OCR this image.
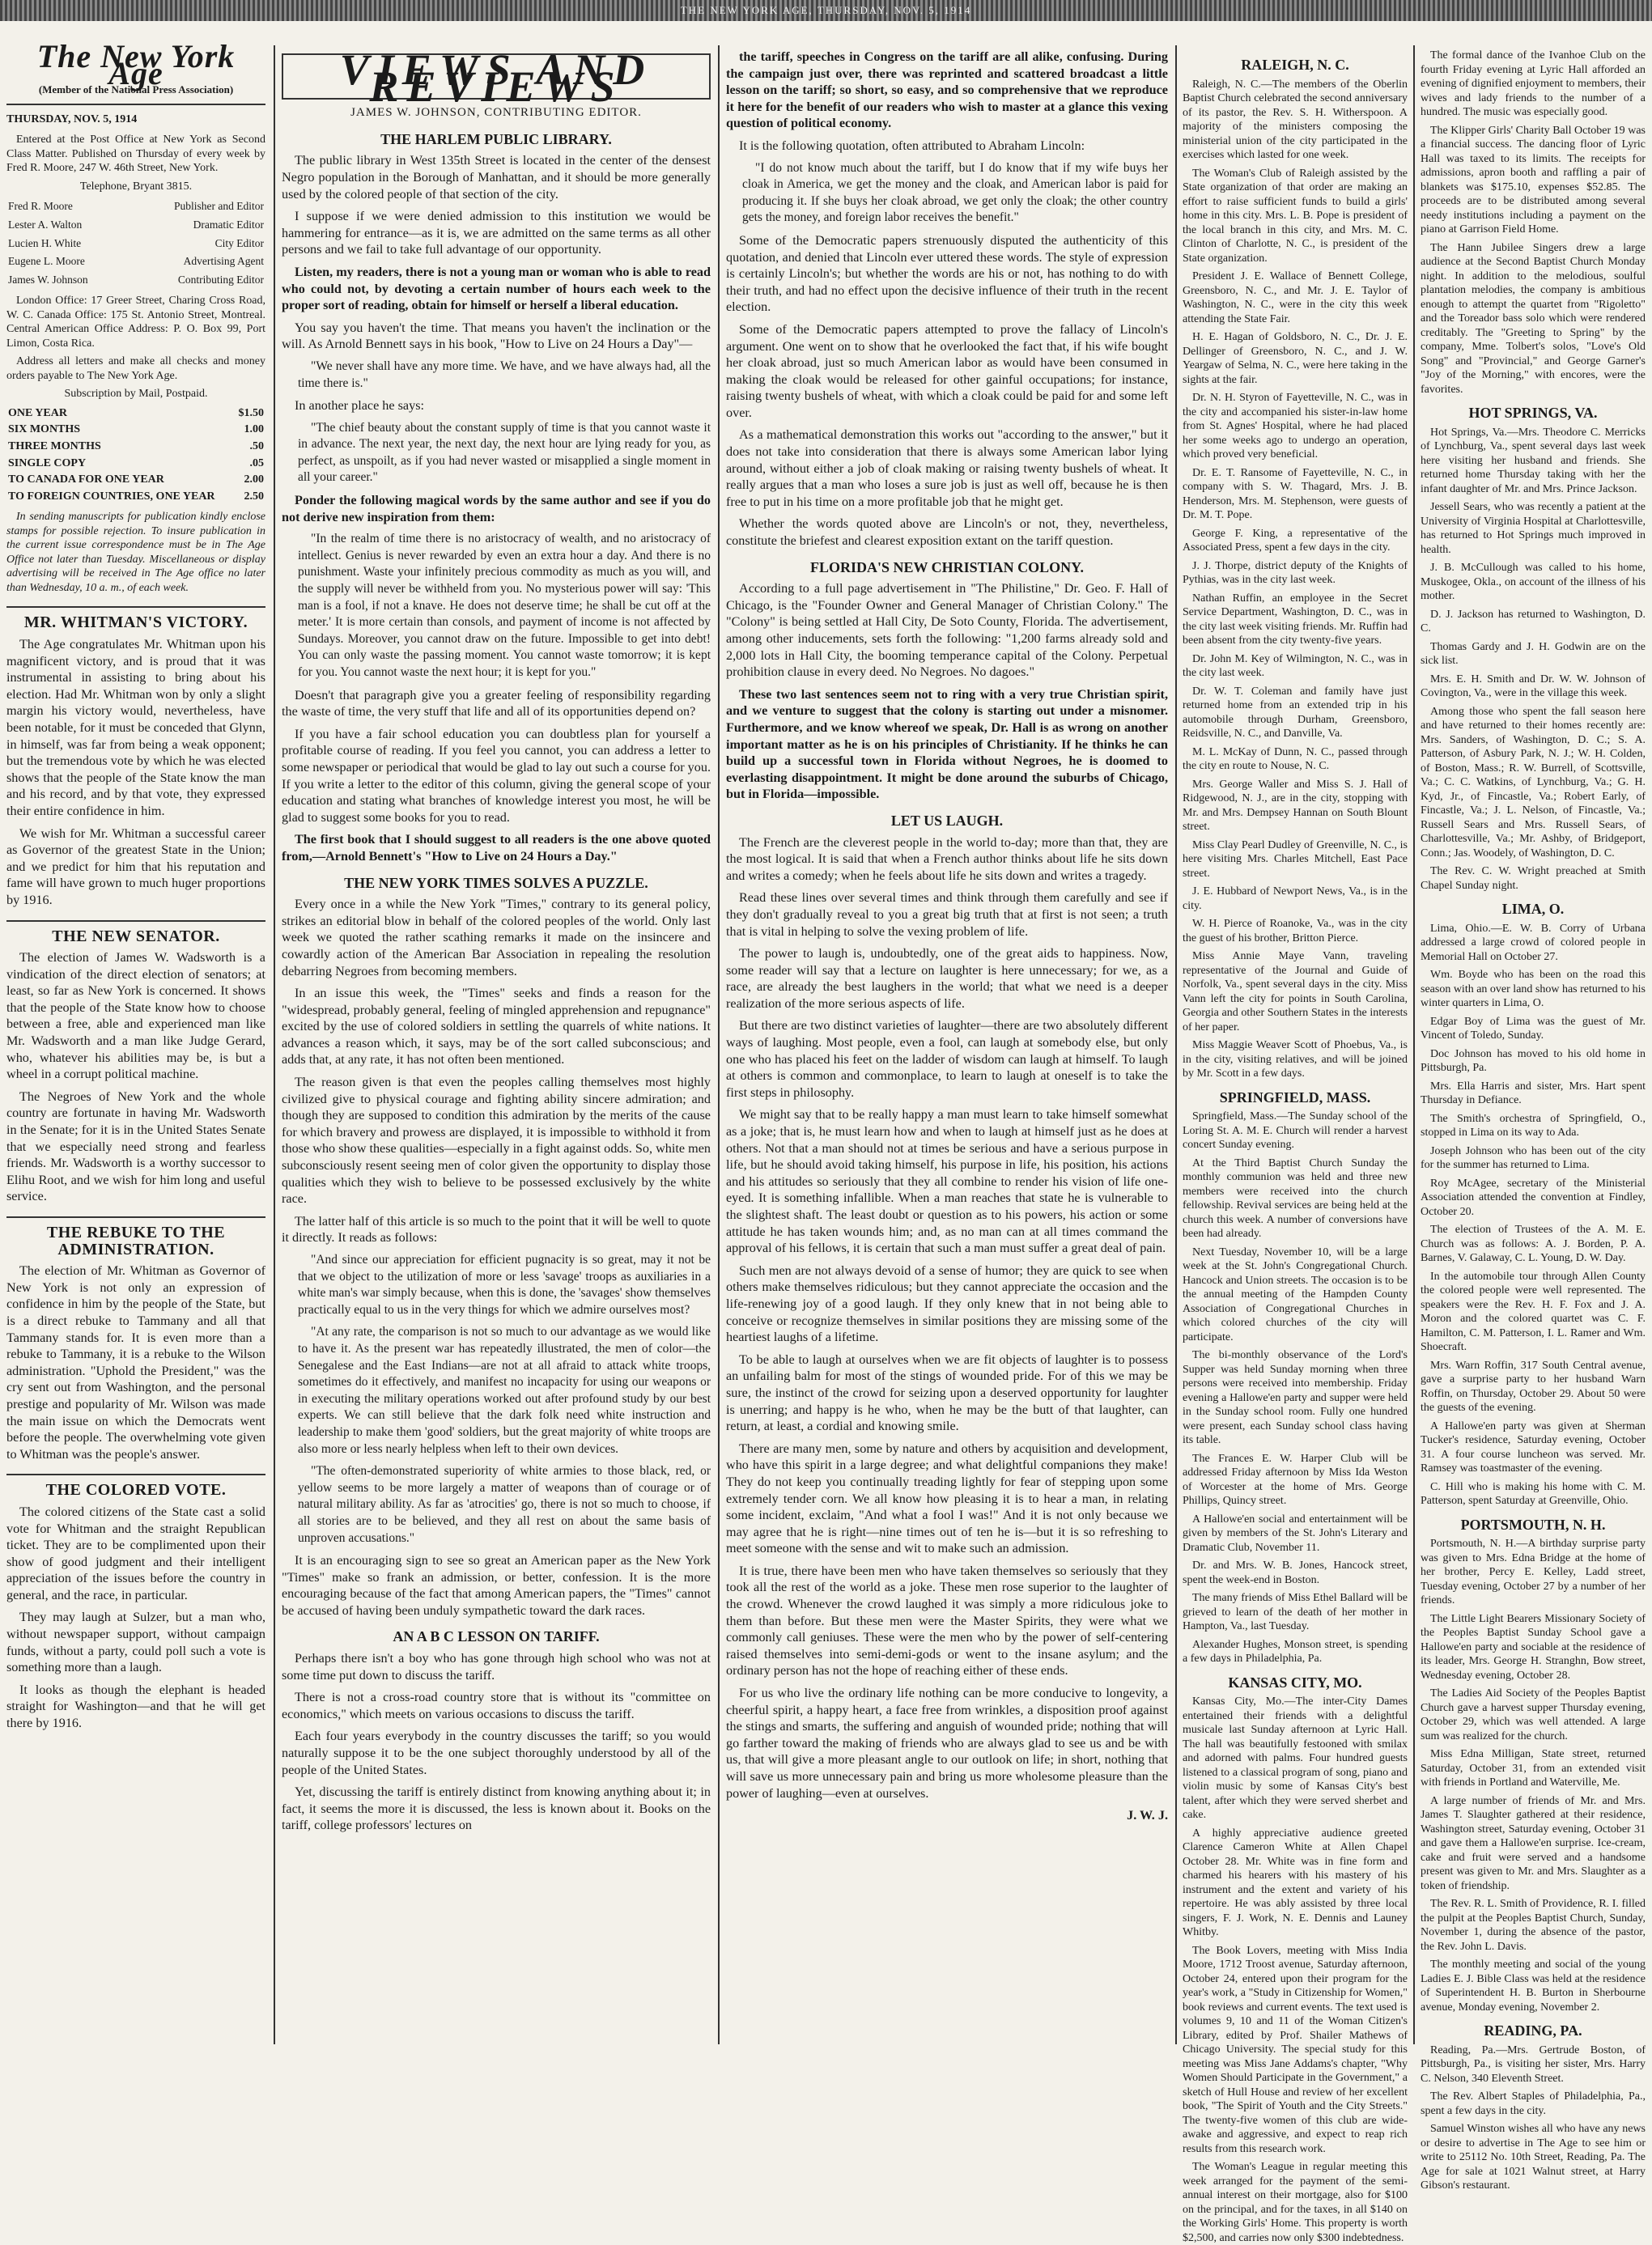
THE NEW YORK AGE, THURSDAY, NOV. 5, 1914
The New York Age
(Member of the National Press Association)
THURSDAY, NOV. 5, 1914

Entered at the Post Office at New York as Second Class Matter. Published on Thursday of every week by Fred R. Moore, 247 W. 46th Street, New York.

Telephone, Bryant 3815.

Fred R. Moore	Publisher and Editor
Lester A. Walton	Dramatic Editor
Lucien H. White	City Editor
Eugene L. Moore	Advertising Agent
James W. Johnson	Contributing Editor

London Office: 17 Greer Street, Charing Cross Road, W. C. Canada Office: 175 St. Antonio Street, Montreal. Central American Office Address: P. O. Box 99, Port Limon, Costa Rica.

Address all letters and make all checks and money orders payable to The New York Age.

Subscription by Mail, Postpaid.

ONE YEAR	$1.50
SIX MONTHS	1.00
THREE MONTHS	.50
SINGLE COPY	.05
TO CANADA FOR ONE YEAR	2.00
TO FOREIGN COUNTRIES, ONE YEAR	2.50

In sending manuscripts for publication kindly enclose stamps for possible rejection. To insure publication in the current issue correspondence must be in The Age Office not later than Tuesday. Miscellaneous or display advertising will be received in The Age office no later than Wednesday, 10 a. m., of each week.

MR. WHITMAN'S VICTORY.

The Age congratulates Mr. Whitman upon his magnificent victory, and is proud that it was instrumental in assisting to bring about his election. Had Mr. Whitman won by only a slight margin his victory would, nevertheless, have been notable, for it must be conceded that Glynn, in himself, was far from being a weak opponent; but the tremendous vote by which he was elected shows that the people of the State know the man and his record, and by that vote, they expressed their entire confidence in him.

We wish for Mr. Whitman a successful career as Governor of the greatest State in the Union; and we predict for him that his reputation and fame will have grown to much huger proportions by 1916.

THE NEW SENATOR.

The election of James W. Wadsworth is a vindication of the direct election of senators; at least, so far as New York is concerned. It shows that the people of the State know how to choose between a free, able and experienced man like Mr. Wadsworth and a man like Judge Gerard, who, whatever his abilities may be, is but a wheel in a corrupt political machine.

The Negroes of New York and the whole country are fortunate in having Mr. Wadsworth in the Senate; for it is in the United States Senate that we especially need strong and fearless friends. Mr. Wadsworth is a worthy successor to Elihu Root, and we wish for him long and useful service.

THE REBUKE TO THE ADMINISTRATION.

The election of Mr. Whitman as Governor of New York is not only an expression of confidence in him by the people of the State, but is a direct rebuke to Tammany and all that Tammany stands for. It is even more than a rebuke to Tammany, it is a rebuke to the Wilson administration. "Uphold the President," was the cry sent out from Washington, and the personal prestige and popularity of Mr. Wilson was made the main issue on which the Democrats went before the people. The overwhelming vote given to Whitman was the people's answer.

THE COLORED VOTE.

The colored citizens of the State cast a solid vote for Whitman and the straight Republican ticket. They are to be complimented upon their show of good judgment and their intelligent appreciation of the issues before the country in general, and the race, in particular.

They may laugh at Sulzer, but a man who, without newspaper support, without campaign funds, without a party, could poll such a vote is something more than a laugh.

It looks as though the elephant is headed straight for Washington—and that he will get there by 1916.

VIEWS AND REVIEWS
JAMES W. JOHNSON, CONTRIBUTING EDITOR.
THE HARLEM PUBLIC LIBRARY.

The public library in West 135th Street is located in the center of the densest Negro population in the Borough of Manhattan, and it should be more generally used by the colored people of that section of the city.

I suppose if we were denied admission to this institution we would be hammering for entrance—as it is, we are admitted on the same terms as all other persons and we fail to take full advantage of our opportunity.

Listen, my readers, there is not a young man or woman who is able to read who could not, by devoting a certain number of hours each week to the proper sort of reading, obtain for himself or herself a liberal education.

You say you haven't the time. That means you haven't the inclination or the will. As Arnold Bennett says in his book, "How to Live on 24 Hours a Day"—

"We never shall have any more time. We have, and we have always had, all the time there is."

In another place he says:

"The chief beauty about the constant supply of time is that you cannot waste it in advance. The next year, the next day, the next hour are lying ready for you, as perfect, as unspoilt, as if you had never wasted or misapplied a single moment in all your career."

Ponder the following magical words by the same author and see if you do not derive new inspiration from them:

"In the realm of time there is no aristocracy of wealth, and no aristocracy of intellect. Genius is never rewarded by even an extra hour a day. And there is no punishment. Waste your infinitely precious commodity as much as you will, and the supply will never be withheld from you. No mysterious power will say: 'This man is a fool, if not a knave. He does not deserve time; he shall be cut off at the meter.' It is more certain than consols, and payment of income is not affected by Sundays. Moreover, you cannot draw on the future. Impossible to get into debt! You can only waste the passing moment. You cannot waste tomorrow; it is kept for you. You cannot waste the next hour; it is kept for you."

Doesn't that paragraph give you a greater feeling of responsibility regarding the waste of time, the very stuff that life and all of its opportunities depend on?

If you have a fair school education you can doubtless plan for yourself a profitable course of reading. If you feel you cannot, you can address a letter to some newspaper or periodical that would be glad to lay out such a course for you. If you write a letter to the editor of this column, giving the general scope of your education and stating what branches of knowledge interest you most, he will be glad to suggest some books for you to read.

The first book that I should suggest to all readers is the one above quoted from,—Arnold Bennett's "How to Live on 24 Hours a Day."

THE NEW YORK TIMES SOLVES A PUZZLE.

Every once in a while the New York "Times," contrary to its general policy, strikes an editorial blow in behalf of the colored peoples of the world. Only last week we quoted the rather scathing remarks it made on the insincere and cowardly action of the American Bar Association in repealing the resolution debarring Negroes from becoming members.

In an issue this week, the "Times" seeks and finds a reason for the "widespread, probably general, feeling of mingled apprehension and repugnance" excited by the use of colored soldiers in settling the quarrels of white nations. It advances a reason which, it says, may be of the sort called subconscious; and adds that, at any rate, it has not often been mentioned.

The reason given is that even the peoples calling themselves most highly civilized give to physical courage and fighting ability sincere admiration; and though they are supposed to condition this admiration by the merits of the cause for which bravery and prowess are displayed, it is impossible to withhold it from those who show these qualities—especially in a fight against odds. So, white men subconsciously resent seeing men of color given the opportunity to display those qualities which they wish to believe to be possessed exclusively by the white race.

The latter half of this article is so much to the point that it will be well to quote it directly. It reads as follows:

"And since our appreciation for efficient pugnacity is so great, may it not be that we object to the utilization of more or less 'savage' troops as auxiliaries in a white man's war simply because, when this is done, the 'savages' show themselves practically equal to us in the very things for which we admire ourselves most?

"At any rate, the comparison is not so much to our advantage as we would like to have it. As the present war has repeatedly illustrated, the men of color—the Senegalese and the East Indians—are not at all afraid to attack white troops, sometimes do it effectively, and manifest no incapacity for using our weapons or in executing the military operations worked out after profound study by our best experts. We can still believe that the dark folk need white instruction and leadership to make them 'good' soldiers, but the great majority of white troops are also more or less nearly helpless when left to their own devices.

"The often-demonstrated superiority of white armies to those black, red, or yellow seems to be more largely a matter of weapons than of courage or of natural military ability. As far as 'atrocities' go, there is not so much to choose, if all stories are to be believed, and they all rest on about the same basis of unproven accusations."

It is an encouraging sign to see so great an American paper as the New York "Times" make so frank an admission, or better, confession. It is the more encouraging because of the fact that among American papers, the "Times" cannot be accused of having been unduly sympathetic toward the dark races.

AN A B C LESSON ON TARIFF.

Perhaps there isn't a boy who has gone through high school who was not at some time put down to discuss the tariff.

There is not a cross-road country store that is without its "committee on economics," which meets on various occasions to discuss the tariff.

Each four years everybody in the country discusses the tariff; so you would naturally suppose it to be the one subject thoroughly understood by all of the people of the United States.

Yet, discussing the tariff is entirely distinct from knowing anything about it; in fact, it seems the more it is discussed, the less is known about it. Books on the tariff, college professors' lectures on

the tariff, speeches in Congress on the tariff are all alike, confusing. During the campaign just over, there was reprinted and scattered broadcast a little lesson on the tariff; so short, so easy, and so comprehensive that we reproduce it here for the benefit of our readers who wish to master at a glance this vexing question of political economy.

It is the following quotation, often attributed to Abraham Lincoln:

"I do not know much about the tariff, but I do know that if my wife buys her cloak in America, we get the money and the cloak, and American labor is paid for producing it. If she buys her cloak abroad, we get only the cloak; the other country gets the money, and foreign labor receives the benefit."

Some of the Democratic papers strenuously disputed the authenticity of this quotation, and denied that Lincoln ever uttered these words. The style of expression is certainly Lincoln's; but whether the words are his or not, has nothing to do with their truth, and had no effect upon the decisive influence of their truth in the recent election.

Some of the Democratic papers attempted to prove the fallacy of Lincoln's argument. One went on to show that he overlooked the fact that, if his wife bought her cloak abroad, just so much American labor as would have been consumed in making the cloak would be released for other gainful occupations; for instance, raising twenty bushels of wheat, with which a cloak could be paid for and some left over.

As a mathematical demonstration this works out "according to the answer," but it does not take into consideration that there is always some American labor lying around, without either a job of cloak making or raising twenty bushels of wheat. It really argues that a man who loses a sure job is just as well off, because he is then free to put in his time on a more profitable job that he might get.

Whether the words quoted above are Lincoln's or not, they, nevertheless, constitute the briefest and clearest exposition extant on the tariff question.

FLORIDA'S NEW CHRISTIAN COLONY.

According to a full page advertisement in "The Philistine," Dr. Geo. F. Hall of Chicago, is the "Founder Owner and General Manager of Christian Colony." The "Colony" is being settled at Hall City, De Soto County, Florida. The advertisement, among other inducements, sets forth the following: "1,200 farms already sold and 2,000 lots in Hall City, the booming temperance capital of the Colony. Perpetual prohibition clause in every deed. No Negroes. No dagoes."

These two last sentences seem not to ring with a very true Christian spirit, and we venture to suggest that the colony is starting out under a misnomer. Furthermore, and we know whereof we speak, Dr. Hall is as wrong on another important matter as he is on his principles of Christianity. If he thinks he can build up a successful town in Florida without Negroes, he is doomed to everlasting disappointment. It might be done around the suburbs of Chicago, but in Florida—impossible.

LET US LAUGH.

The French are the cleverest people in the world to-day; more than that, they are the most logical. It is said that when a French author thinks about life he sits down and writes a comedy; when he feels about life he sits down and writes a tragedy.

Read these lines over several times and think through them carefully and see if they don't gradually reveal to you a great big truth that at first is not seen; a truth that is vital in helping to solve the vexing problem of life.

The power to laugh is, undoubtedly, one of the great aids to happiness. Now, some reader will say that a lecture on laughter is here unnecessary; for we, as a race, are already the best laughers in the world; that what we need is a deeper realization of the more serious aspects of life.

But there are two distinct varieties of laughter—there are two absolutely different ways of laughing. Most people, even a fool, can laugh at somebody else, but only one who has placed his feet on the ladder of wisdom can laugh at himself. To laugh at others is common and commonplace, to learn to laugh at oneself is to take the first steps in philosophy.

We might say that to be really happy a man must learn to take himself somewhat as a joke; that is, he must learn how and when to laugh at himself just as he does at others. Not that a man should not at times be serious and have a serious purpose in life, but he should avoid taking himself, his purpose in life, his position, his actions and his attitudes so seriously that they all combine to render his vision of life one-eyed. It is something infallible. When a man reaches that state he is vulnerable to the slightest shaft. The least doubt or question as to his powers, his action or some attitude he has taken wounds him; and, as no man can at all times command the approval of his fellows, it is certain that such a man must suffer a great deal of pain.

Such men are not always devoid of a sense of humor; they are quick to see when others make themselves ridiculous; but they cannot appreciate the occasion and the life-renewing joy of a good laugh. If they only knew that in not being able to conceive or recognize themselves in similar positions they are missing some of the heartiest laughs of a lifetime.

To be able to laugh at ourselves when we are fit objects of laughter is to possess an unfailing balm for most of the stings of wounded pride. For of this we may be sure, the instinct of the crowd for seizing upon a deserved opportunity for laughter is unerring; and happy is he who, when he may be the butt of that laughter, can return, at least, a cordial and knowing smile.

There are many men, some by nature and others by acquisition and development, who have this spirit in a large degree; and what delightful companions they make! They do not keep you continually treading lightly for fear of stepping upon some extremely tender corn. We all know how pleasing it is to hear a man, in relating some incident, exclaim, "And what a fool I was!" And it is not only because we may agree that he is right—nine times out of ten he is—but it is so refreshing to meet someone with the sense and wit to make such an admission.

It is true, there have been men who have taken themselves so seriously that they took all the rest of the world as a joke. These men rose superior to the laughter of the crowd. Whenever the crowd laughed it was simply a more ridiculous joke to them than before. But these men were the Master Spirits, they were what we commonly call geniuses. These were the men who by the power of self-centering raised themselves into semi-demi-gods or went to the insane asylum; and the ordinary person has not the hope of reaching either of these ends.

For us who live the ordinary life nothing can be more conducive to longevity, a cheerful spirit, a happy heart, a face free from wrinkles, a disposition proof against the stings and smarts, the suffering and anguish of wounded pride; nothing that will go farther toward the making of friends who are always glad to see us and be with us, that will give a more pleasant angle to our outlook on life; in short, nothing that will save us more unnecessary pain and bring us more wholesome pleasure than the power of laughing—even at ourselves.

J. W. J.
RALEIGH, N. C.

Raleigh, N. C.—The members of the Oberlin Baptist Church celebrated the second anniversary of its pastor, the Rev. S. H. Witherspoon. A majority of the ministers composing the ministerial union of the city participated in the exercises which lasted for one week.

The Woman's Club of Raleigh assisted by the State organization of that order are making an effort to raise sufficient funds to build a girls' home in this city. Mrs. L. B. Pope is president of the local branch in this city, and Mrs. M. C. Clinton of Charlotte, N. C., is president of the State organization.

President J. E. Wallace of Bennett College, Greensboro, N. C., and Mr. J. E. Taylor of Washington, N. C., were in the city this week attending the State Fair.

H. E. Hagan of Goldsboro, N. C., Dr. J. E. Dellinger of Greensboro, N. C., and J. W. Yeargaw of Selma, N. C., were here taking in the sights at the fair.

Dr. N. H. Styron of Fayetteville, N. C., was in the city and accompanied his sister-in-law home from St. Agnes' Hospital, where he had placed her some weeks ago to undergo an operation, which proved very beneficial.

Dr. E. T. Ransome of Fayetteville, N. C., in company with S. W. Thagard, Mrs. J. B. Henderson, Mrs. M. Stephenson, were guests of Dr. M. T. Pope.

George F. King, a representative of the Associated Press, spent a few days in the city.

J. J. Thorpe, district deputy of the Knights of Pythias, was in the city last week.

Nathan Ruffin, an employee in the Secret Service Department, Washington, D. C., was in the city last week visiting friends. Mr. Ruffin had been absent from the city twenty-five years.

Dr. John M. Key of Wilmington, N. C., was in the city last week.

Dr. W. T. Coleman and family have just returned home from an extended trip in his automobile through Durham, Greensboro, Reidsville, N. C., and Danville, Va.

M. L. McKay of Dunn, N. C., passed through the city en route to Nouse, N. C.

Mrs. George Waller and Miss S. J. Hall of Ridgewood, N. J., are in the city, stopping with Mr. and Mrs. Dempsey Hannan on South Blount street.

Miss Clay Pearl Dudley of Greenville, N. C., is here visiting Mrs. Charles Mitchell, East Pace street.

J. E. Hubbard of Newport News, Va., is in the city.

W. H. Pierce of Roanoke, Va., was in the city the guest of his brother, Britton Pierce.

Miss Annie Maye Vann, traveling representative of the Journal and Guide of Norfolk, Va., spent several days in the city. Miss Vann left the city for points in South Carolina, Georgia and other Southern States in the interests of her paper.

Miss Maggie Weaver Scott of Phoebus, Va., is in the city, visiting relatives, and will be joined by Mr. Scott in a few days.

SPRINGFIELD, MASS.

Springfield, Mass.—The Sunday school of the Loring St. A. M. E. Church will render a harvest concert Sunday evening.

At the Third Baptist Church Sunday the monthly communion was held and three new members were received into the church fellowship. Revival services are being held at the church this week. A number of conversions have been had already.

Next Tuesday, November 10, will be a large week at the St. John's Congregational Church. Hancock and Union streets. The occasion is to be the annual meeting of the Hampden County Association of Congregational Churches in which colored churches of the city will participate.

The bi-monthly observance of the Lord's Supper was held Sunday morning when three persons were received into membership. Friday evening a Hallowe'en party and supper were held in the Sunday school room. Fully one hundred were present, each Sunday school class having its table.

The Frances E. W. Harper Club will be addressed Friday afternoon by Miss Ida Weston of Worcester at the home of Mrs. George Phillips, Quincy street.

A Hallowe'en social and entertainment will be given by members of the St. John's Literary and Dramatic Club, November 11.

Dr. and Mrs. W. B. Jones, Hancock street, spent the week-end in Boston.

The many friends of Miss Ethel Ballard will be grieved to learn of the death of her mother in Hampton, Va., last Tuesday.

Alexander Hughes, Monson street, is spending a few days in Philadelphia, Pa.

KANSAS CITY, MO.

Kansas City, Mo.—The inter-City Dames entertained their friends with a delightful musicale last Sunday afternoon at Lyric Hall. The hall was beautifully festooned with smilax and adorned with palms. Four hundred guests listened to a classical program of song, piano and violin music by some of Kansas City's best talent, after which they were served sherbet and cake.

A highly appreciative audience greeted Clarence Cameron White at Allen Chapel October 28. Mr. White was in fine form and charmed his hearers with his mastery of his instrument and the extent and variety of his repertoire. He was ably assisted by three local singers, F. J. Work, N. E. Dennis and Launey Whitby.

The Book Lovers, meeting with Miss India Moore, 1712 Troost avenue, Saturday afternoon, October 24, entered upon their program for the year's work, a "Study in Citizenship for Women," book reviews and current events. The text used is volumes 9, 10 and 11 of the Woman Citizen's Library, edited by Prof. Shailer Mathews of Chicago University. The special study for this meeting was Miss Jane Addams's chapter, "Why Women Should Participate in the Government," a sketch of Hull House and review of her excellent book, "The Spirit of Youth and the City Streets." The twenty-five women of this club are wide-awake and aggressive, and expect to reap rich results from this research work.

The Woman's League in regular meeting this week arranged for the payment of the semi-annual interest on their mortgage, also for $100 on the principal, and for the taxes, in all $140 on the Working Girls' Home. This property is worth $2,500, and carries now only $300 indebtedness.

The formal dance of the Ivanhoe Club on the fourth Friday evening at Lyric Hall afforded an evening of dignified enjoyment to members, their wives and lady friends to the number of a hundred. The music was especially good.

The Klipper Girls' Charity Ball October 19 was a financial success. The dancing floor of Lyric Hall was taxed to its limits. The receipts for admissions, apron booth and raffling a pair of blankets was $175.10, expenses $52.85. The proceeds are to be distributed among several needy institutions including a payment on the piano at Garrison Field Home.

The Hann Jubilee Singers drew a large audience at the Second Baptist Church Monday night. In addition to the melodious, soulful plantation melodies, the company is ambitious enough to attempt the quartet from "Rigoletto" and the Toreador bass solo which were rendered creditably. The "Greeting to Spring" by the company, Mme. Tolbert's solos, "Love's Old Song" and "Provincial," and George Garner's "Joy of the Morning," with encores, were the favorites.

HOT SPRINGS, VA.

Hot Springs, Va.—Mrs. Theodore C. Merricks of Lynchburg, Va., spent several days last week here visiting her husband and friends. She returned home Thursday taking with her the infant daughter of Mr. and Mrs. Prince Jackson.

Jessell Sears, who was recently a patient at the University of Virginia Hospital at Charlottesville, has returned to Hot Springs much improved in health.

J. B. McCullough was called to his home, Muskogee, Okla., on account of the illness of his mother.

D. J. Jackson has returned to Washington, D. C.

Thomas Gardy and J. H. Godwin are on the sick list.

Mrs. E. H. Smith and Dr. W. W. Johnson of Covington, Va., were in the village this week.

Among those who spent the fall season here and have returned to their homes recently are: Mrs. Sanders, of Washington, D. C.; S. A. Patterson, of Asbury Park, N. J.; W. H. Colden, of Boston, Mass.; R. W. Burrell, of Scottsville, Va.; C. C. Watkins, of Lynchburg, Va.; G. H. Kyd, Jr., of Fincastle, Va.; Robert Early, of Fincastle, Va.; J. L. Nelson, of Fincastle, Va.; Russell Sears and Mrs. Russell Sears, of Charlottesville, Va.; Mr. Ashby, of Bridgeport, Conn.; Jas. Woodely, of Washington, D. C.

The Rev. C. W. Wright preached at Smith Chapel Sunday night.

LIMA, O.

Lima, Ohio.—E. W. B. Corry of Urbana addressed a large crowd of colored people in Memorial Hall on October 27.

Wm. Boyde who has been on the road this season with an over land show has returned to his winter quarters in Lima, O.

Edgar Boy of Lima was the guest of Mr. Vincent of Toledo, Sunday.

Doc Johnson has moved to his old home in Pittsburgh, Pa.

Mrs. Ella Harris and sister, Mrs. Hart spent Thursday in Defiance.

The Smith's orchestra of Springfield, O., stopped in Lima on its way to Ada.

Joseph Johnson who has been out of the city for the summer has returned to Lima.

Roy McAgee, secretary of the Ministerial Association attended the convention at Findley, October 20.

The election of Trustees of the A. M. E. Church was as follows: A. J. Borden, P. A. Barnes, V. Galaway, C. L. Young, D. W. Day.

In the automobile tour through Allen County the colored people were well represented. The speakers were the Rev. H. F. Fox and J. A. Moron and the colored quartet was C. F. Hamilton, C. M. Patterson, I. L. Ramer and Wm. Shoecraft.

Mrs. Warn Roffin, 317 South Central avenue, gave a surprise party to her husband Warn Roffin, on Thursday, October 29. About 50 were the guests of the evening.

A Hallowe'en party was given at Sherman Tucker's residence, Saturday evening, October 31. A four course luncheon was served. Mr. Ramsey was toastmaster of the evening.

C. Hill who is making his home with C. M. Patterson, spent Saturday at Greenville, Ohio.

PORTSMOUTH, N. H.

Portsmouth, N. H.—A birthday surprise party was given to Mrs. Edna Bridge at the home of her brother, Percy E. Kelley, Ladd street, Tuesday evening, October 27 by a number of her friends.

The Little Light Bearers Missionary Society of the Peoples Baptist Sunday School gave a Hallowe'en party and sociable at the residence of its leader, Mrs. George H. Stranghn, Bow street, Wednesday evening, October 28.

The Ladies Aid Society of the Peoples Baptist Church gave a harvest supper Thursday evening, October 29, which was well attended. A large sum was realized for the church.

Miss Edna Milligan, State street, returned Saturday, October 31, from an extended visit with friends in Portland and Waterville, Me.

A large number of friends of Mr. and Mrs. James T. Slaughter gathered at their residence, Washington street, Saturday evening, October 31 and gave them a Hallowe'en surprise. Ice-cream, cake and fruit were served and a handsome present was given to Mr. and Mrs. Slaughter as a token of friendship.

The Rev. R. L. Smith of Providence, R. I. filled the pulpit at the Peoples Baptist Church, Sunday, November 1, during the absence of the pastor, the Rev. John L. Davis.

The monthly meeting and social of the young Ladies E. J. Bible Class was held at the residence of Superintendent H. B. Burton in Sherbourne avenue, Monday evening, November 2.

READING, PA.

Reading, Pa.—Mrs. Gertrude Boston, of Pittsburgh, Pa., is visiting her sister, Mrs. Harry C. Nelson, 340 Eleventh Street.

The Rev. Albert Staples of Philadelphia, Pa., spent a few days in the city.

Samuel Winston wishes all who have any news or desire to advertise in The Age to see him or write to 25112 No. 10th Street, Reading, Pa. The Age for sale at 1021 Walnut street, at Harry Gibson's restaurant.
